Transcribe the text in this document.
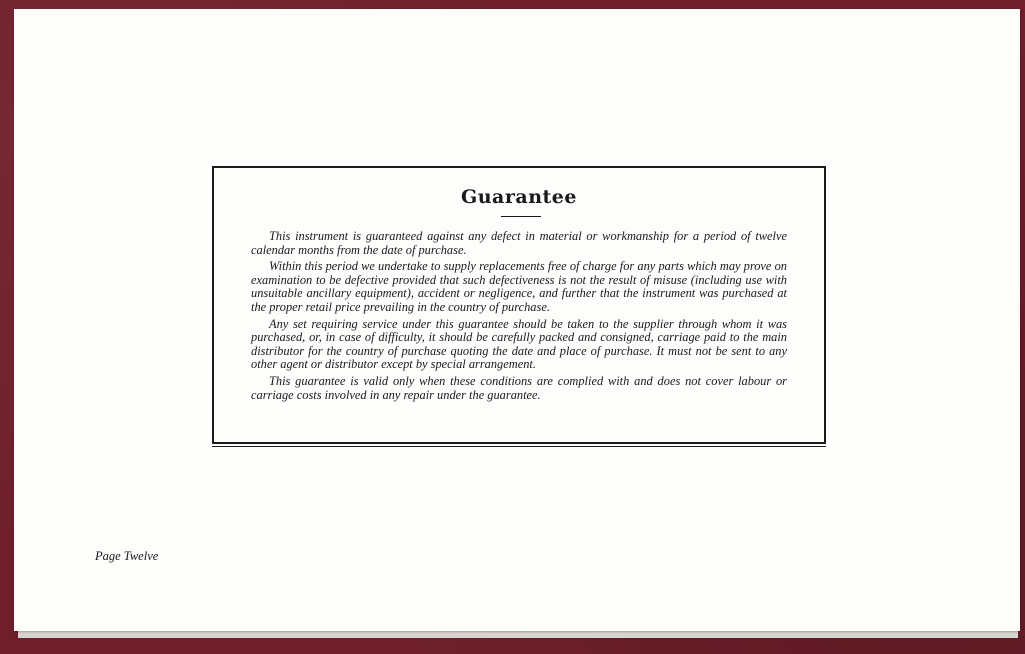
Guarantee

This instrument is guaranteed against any defect in material or workmanship for a period of twelve calendar months from the date of purchase.

Within this period we undertake to supply replacements free of charge for any parts which may prove on examination to be defective provided that such defectiveness is not the result of misuse (including use with unsuitable ancillary equipment), accident or negligence, and further that the instrument was purchased at the proper retail price prevailing in the country of purchase.

Any set requiring service under this guarantee should be taken to the supplier through whom it was purchased, or, in case of difficulty, it should be carefully packed and consigned, carriage paid to the main distributor for the country of purchase quoting the date and place of purchase. It must not be sent to any other agent or distributor except by special arrangement.

This guarantee is valid only when these conditions are complied with and does not cover labour or carriage costs involved in any repair under the guarantee.

Page Twelve
